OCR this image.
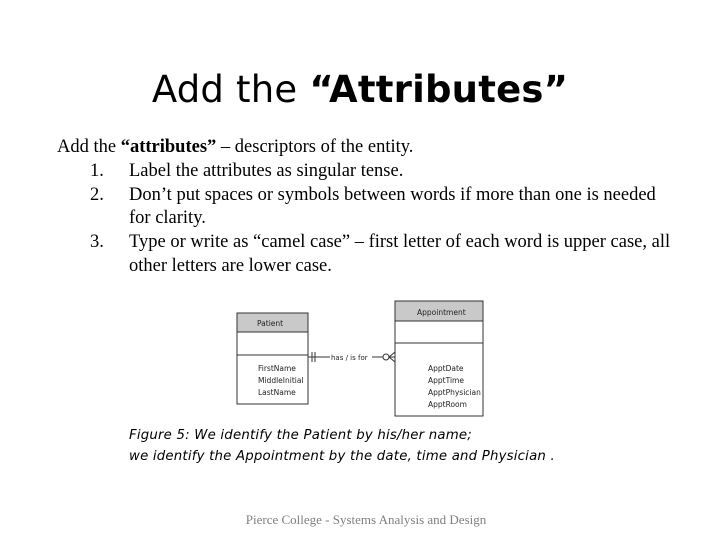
Add the “Attributes”
Add the “attributes” – descriptors of the entity.
1. Label the attributes as singular tense.
2. Don’t put spaces or symbols between words if more than one is needed for clarity.
3. Type or write as “camel case” – first letter of each word is upper case, all other letters are lower case.
Patient
FirstName
MiddleInitial
LastName
Appointment
ApptDate
ApptTime
ApptPhysician
ApptRoom
has / is for
Figure 5: We identify the Patient by his/her name;
we identify the Appointment by the date, time and Physician .
Pierce College - Systems Analysis and Design
